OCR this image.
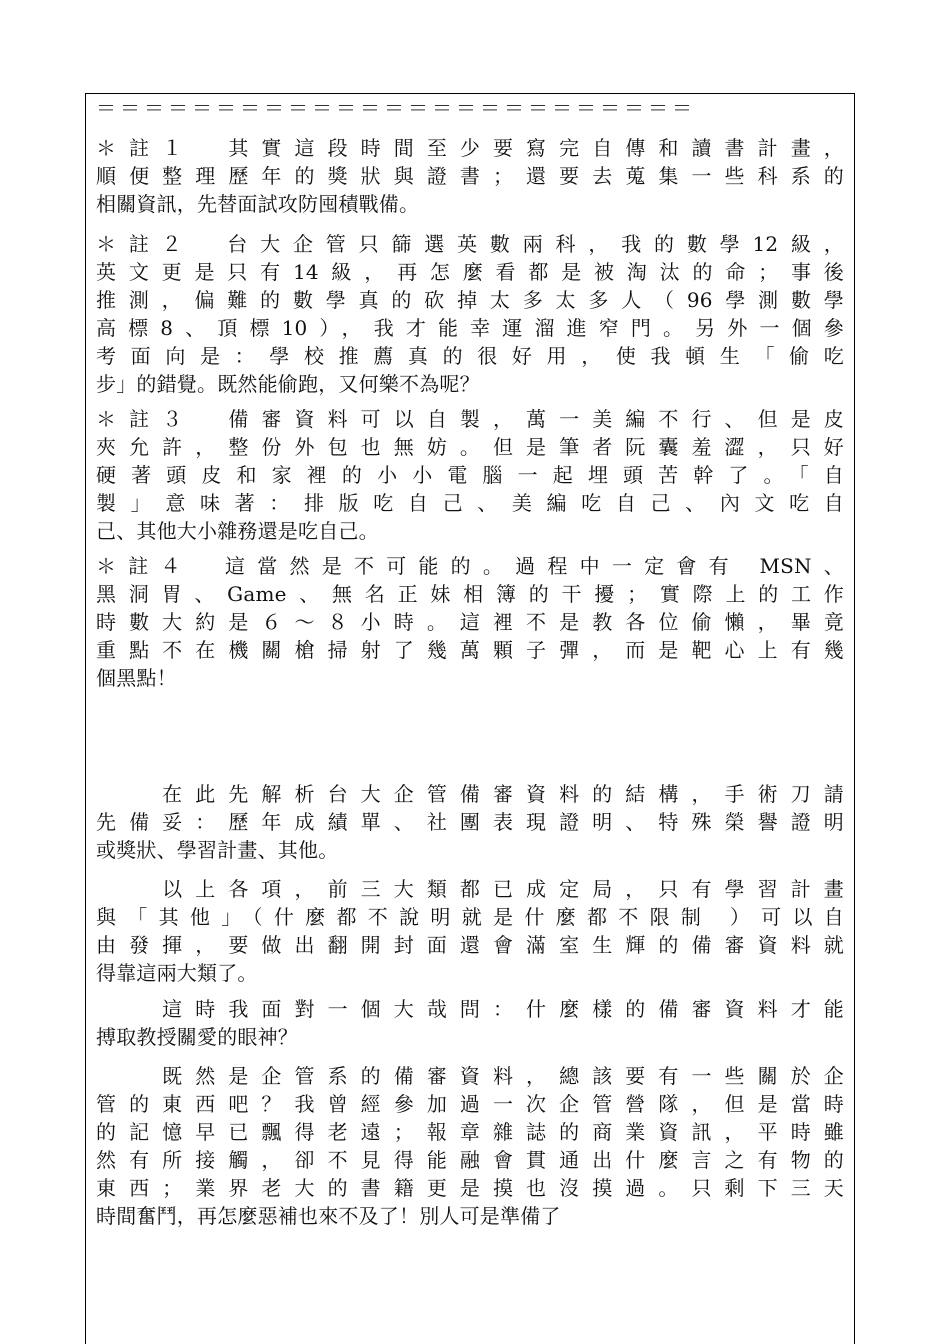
＝＝＝＝＝＝＝＝＝＝＝＝＝＝＝＝＝＝＝＝＝＝＝＝＝
＊註１　其實這段時間至少要寫完自傳和讀書計畫，
順便整理歷年的獎狀與證書；還要去蒐集一些科系的
相關資訊，先替面試攻防囤積戰備。
＊註２　台大企管只篩選英數兩科，我的數學12級，
英文更是只有14級，再怎麼看都是被淘汰的命；事後
推測，偏難的數學真的砍掉太多太多人（96學測數學
高標8、頂標10），我才能幸運溜進窄門。另外一個參
考面向是：學校推薦真的很好用，使我頓生「偷吃
步」的錯覺。既然能偷跑，又何樂不為呢？
＊註３　備審資料可以自製，萬一美編不行、但是皮
夾允許，整份外包也無妨。但是筆者阮囊羞澀，只好
硬著頭皮和家裡的小小電腦一起埋頭苦幹了。「自
製」意味著：排版吃自己、美編吃自己、內文吃自
己、其他大小雜務還是吃自己。
＊註４　這當然是不可能的。過程中一定會有 MSN、
黑洞胃、Game、無名正妹相簿的干擾；實際上的工作
時數大約是６～８小時。這裡不是教各位偷懶，畢竟
重點不在機關槍掃射了幾萬顆子彈，而是靶心上有幾
個黑點！
　　在此先解析台大企管備審資料的結構，手術刀請
先備妥：歷年成績單、社團表現證明、特殊榮譽證明
或獎狀、學習計畫、其他。
　　以上各項，前三大類都已成定局，只有學習計畫
與「其他」（什麼都不說明就是什麼都不限制 ）可以自
由發揮，要做出翻開封面還會滿室生輝的備審資料就
得靠這兩大類了。
　　這時我面對一個大哉問：什麼樣的備審資料才能
搏取教授關愛的眼神？
　　既然是企管系的備審資料，總該要有一些關於企
管的東西吧？我曾經參加過一次企管營隊，但是當時
的記憶早已飄得老遠；報章雜誌的商業資訊，平時雖
然有所接觸，卻不見得能融會貫通出什麼言之有物的
東西；業界老大的書籍更是摸也沒摸過。只剩下三天
時間奮鬥，再怎麼惡補也來不及了！別人可是準備了
